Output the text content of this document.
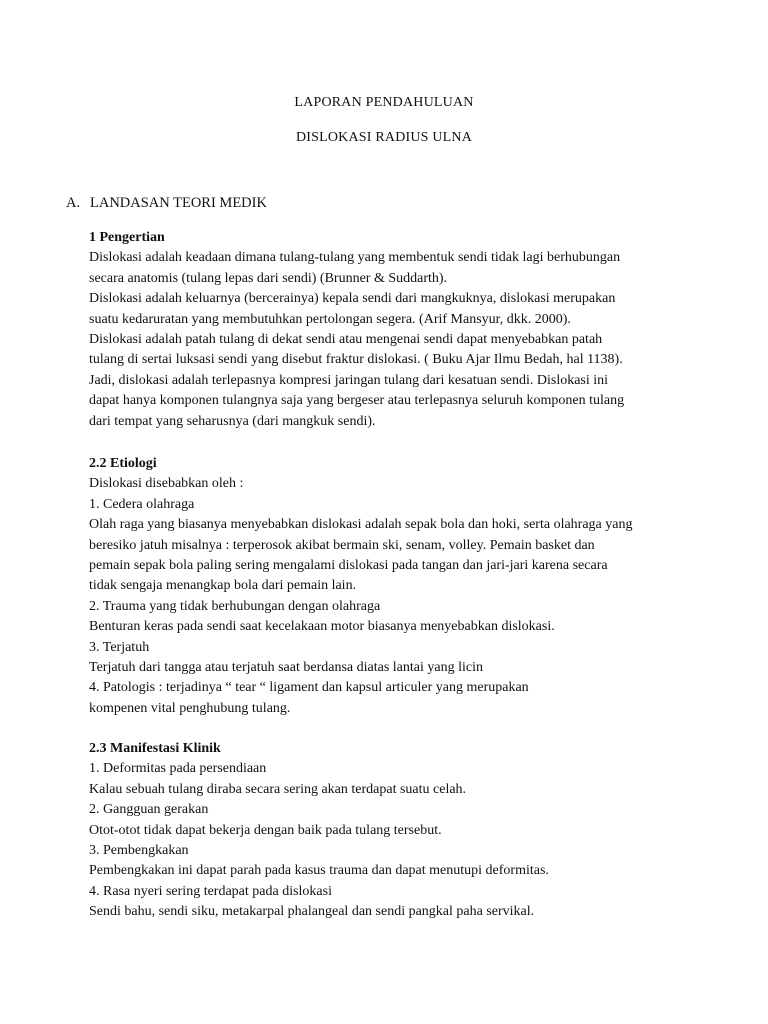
LAPORAN PENDAHULUAN
DISLOKASI RADIUS ULNA
A. LANDASAN TEORI MEDIK
1 Pengertian
Dislokasi adalah keadaan dimana tulang-tulang yang membentuk sendi tidak lagi berhubungan
secara anatomis (tulang lepas dari sendi) (Brunner & Suddarth).
Dislokasi adalah keluarnya (bercerainya) kepala sendi dari mangkuknya, dislokasi merupakan
suatu kedaruratan yang membutuhkan pertolongan segera. (Arif Mansyur, dkk. 2000).
Dislokasi adalah patah tulang di dekat sendi atau mengenai sendi dapat menyebabkan patah
tulang di sertai luksasi sendi yang disebut fraktur dislokasi. ( Buku Ajar Ilmu Bedah, hal 1138).
Jadi, dislokasi adalah terlepasnya kompresi jaringan tulang dari kesatuan sendi. Dislokasi ini
dapat hanya komponen tulangnya saja yang bergeser atau terlepasnya seluruh komponen tulang
dari tempat yang seharusnya (dari mangkuk sendi).
2.2 Etiologi
Dislokasi disebabkan oleh :
1. Cedera olahraga
Olah raga yang biasanya menyebabkan dislokasi adalah sepak bola dan hoki, serta olahraga yang
beresiko jatuh misalnya : terperosok akibat bermain ski, senam, volley. Pemain basket dan
pemain sepak bola paling sering mengalami dislokasi pada tangan dan jari-jari karena secara
tidak sengaja menangkap bola dari pemain lain.
2. Trauma yang tidak berhubungan dengan olahraga
Benturan keras pada sendi saat kecelakaan motor biasanya menyebabkan dislokasi.
3. Terjatuh
Terjatuh dari tangga atau terjatuh saat berdansa diatas lantai yang licin
4. Patologis : terjadinya “ tear “ ligament dan kapsul articuler yang merupakan
kompenen vital penghubung tulang.
2.3 Manifestasi Klinik
1. Deformitas pada persendiaan
Kalau sebuah tulang diraba secara sering akan terdapat suatu celah.
2. Gangguan gerakan
Otot-otot tidak dapat bekerja dengan baik pada tulang tersebut.
3. Pembengkakan
Pembengkakan ini dapat parah pada kasus trauma dan dapat menutupi deformitas.
4. Rasa nyeri sering terdapat pada dislokasi
Sendi bahu, sendi siku, metakarpal phalangeal dan sendi pangkal paha servikal.
